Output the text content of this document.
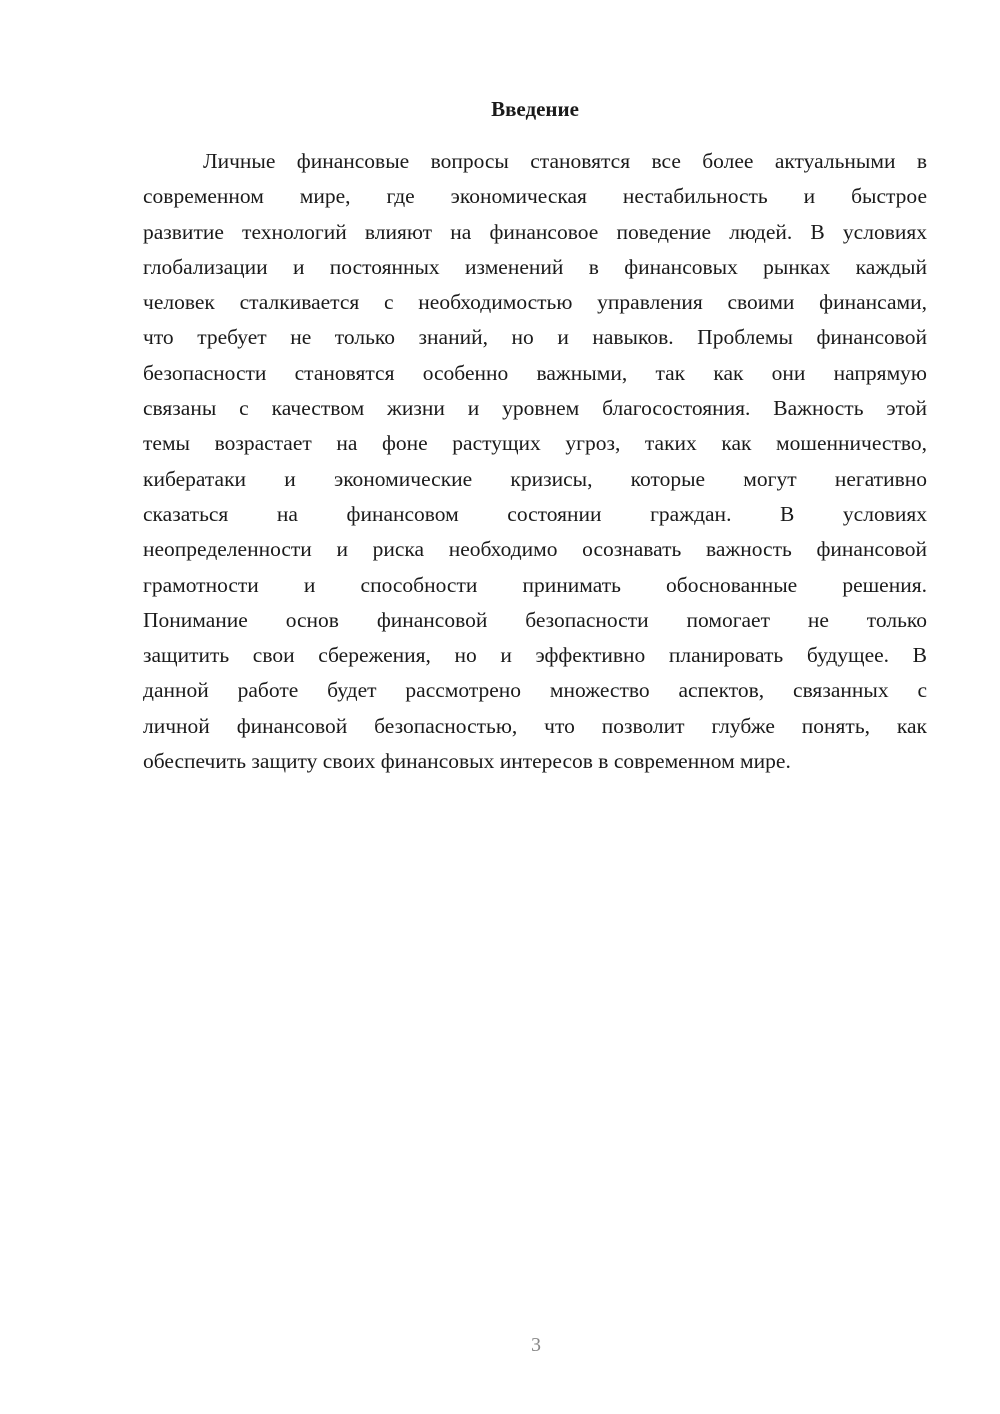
Введение
Личные финансовые вопросы становятся все более актуальными в
современном мире, где экономическая нестабильность и быстрое
развитие технологий влияют на финансовое поведение людей. В условиях
глобализации и постоянных изменений в финансовых рынках каждый
человек сталкивается с необходимостью управления своими финансами,
что требует не только знаний, но и навыков. Проблемы финансовой
безопасности становятся особенно важными, так как они напрямую
связаны с качеством жизни и уровнем благосостояния. Важность этой
темы возрастает на фоне растущих угроз, таких как мошенничество,
кибератаки и экономические кризисы, которые могут негативно
сказаться на финансовом состоянии граждан. В условиях
неопределенности и риска необходимо осознавать важность финансовой
грамотности и способности принимать обоснованные решения.
Понимание основ финансовой безопасности помогает не только
защитить свои сбережения, но и эффективно планировать будущее. В
данной работе будет рассмотрено множество аспектов, связанных с
личной финансовой безопасностью, что позволит глубже понять, как
обеспечить защиту своих финансовых интересов в современном мире.
3
